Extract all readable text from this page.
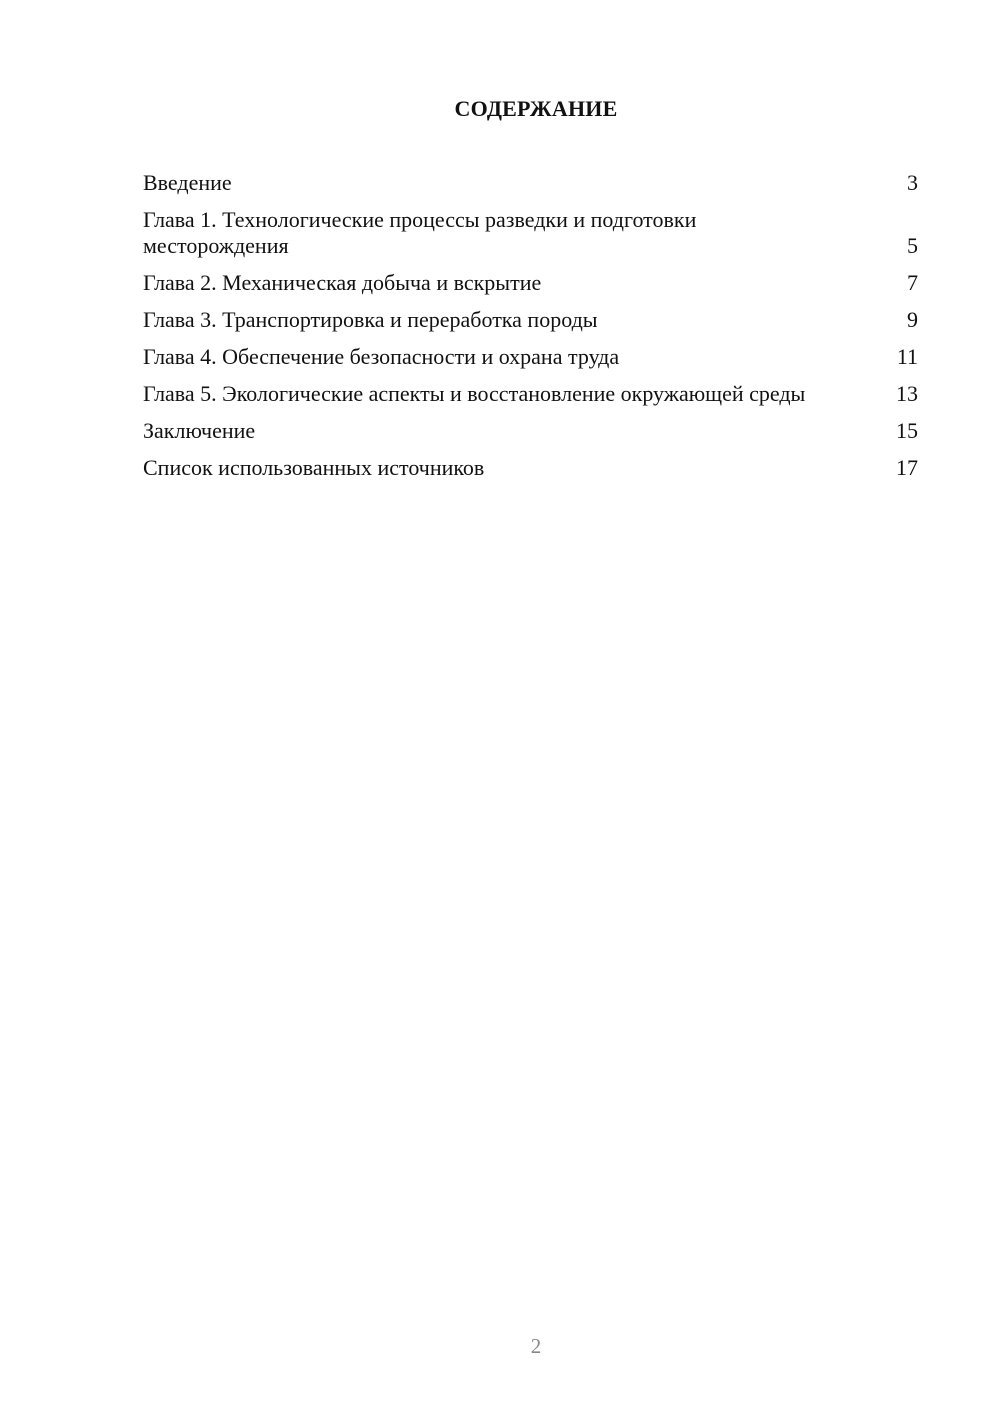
СОДЕРЖАНИЕ
Введение	3
Глава 1. Технологические процессы разведки и подготовки месторождения	5
Глава 2. Механическая добыча и вскрытие	7
Глава 3. Транспортировка и переработка породы	9
Глава 4. Обеспечение безопасности и охрана труда	11
Глава 5. Экологические аспекты и восстановление окружающей среды	13
Заключение	15
Список использованных источников	17
2
